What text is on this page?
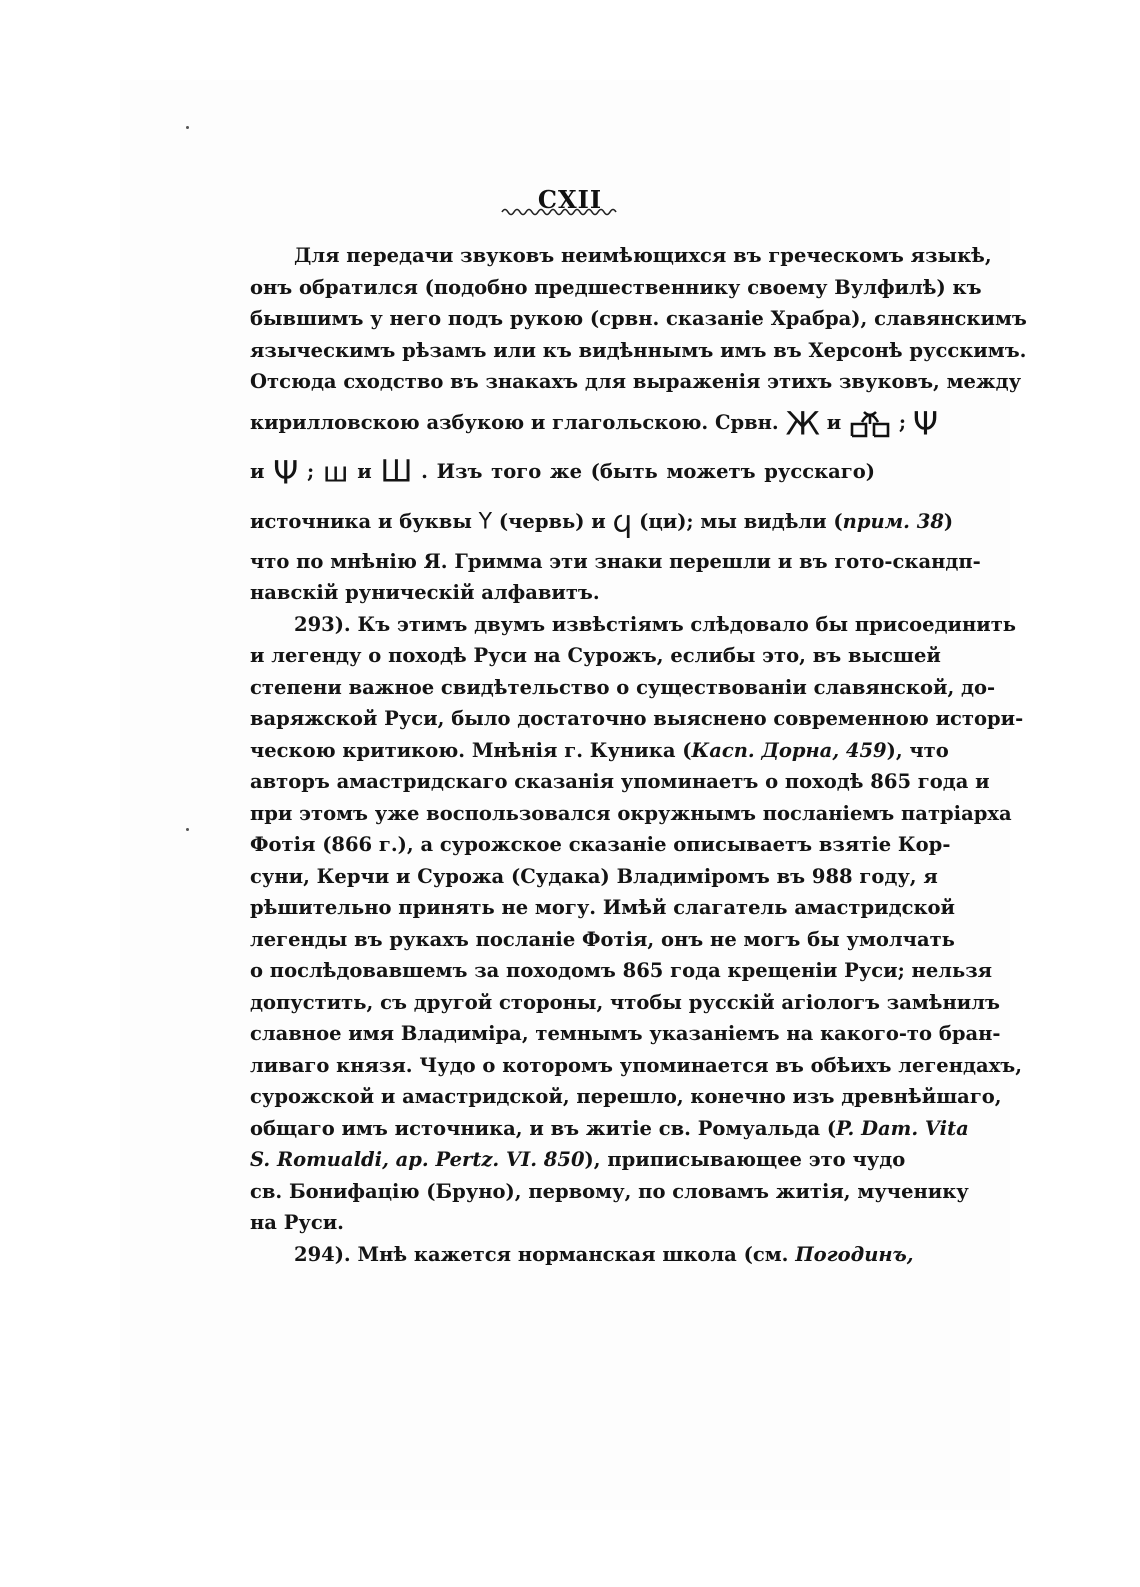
CXII
Для передачи звуковъ неимѣющихся въ греческомъ языкѣ,
онъ обратился (подобно предшественнику своему Вулфилѣ) къ
бывшимъ у него подъ рукою (срвн. сказаніе Храбра), славянскимъ
языческимъ рѣзамъ или къ видѣннымъ имъ въ Херсонѣ русскимъ.
Отсюда сходство въ знакахъ для выраженія этихъ звуковъ, между
кирилловскою азбукою и глагольскою. Срвн. Ж и	; Ψ
и Ψ ; ш и Ш . Изъ того же (быть можетъ русскаго)
источника и буквы Y (червь) и ϥ (ци); мы видѣли (прим. 38)
что по мнѣнію Я. Гримма эти знаки перешли и въ гото-скандп-
навскій руническій алфавитъ.
293). Къ этимъ двумъ извѣстіямъ слѣдовало бы присоединить
и легенду о походѣ Руси на Сурожъ, еслибы это, въ высшей
степени важное свидѣтельство о существованіи славянской, до-
варяжской Руси, было достаточно выяснено современною истори-
ческою критикою. Мнѣнія г. Куника (Касп. Дорна, 459), что
авторъ амастридскаго сказанія упоминаетъ о походѣ 865 года и
при этомъ уже воспользовался окружнымъ посланіемъ патріарха
Фотія (866 г.), а сурожское сказаніе описываетъ взятіе Кор-
суни, Керчи и Сурожа (Судака) Владиміромъ въ 988 году, я
рѣшительно принять не могу. Имѣй слагатель амастридской
легенды въ рукахъ посланіе Фотія, онъ не могъ бы умолчать
о послѣдовавшемъ за походомъ 865 года крещеніи Руси; нельзя
допустить, съ другой стороны, чтобы русскій агіологъ замѣнилъ
славное имя Владиміра, темнымъ указаніемъ на какого-то бран-
ливаго князя. Чудо о которомъ упоминается въ обѣихъ легендахъ,
сурожской и амастридской, перешло, конечно изъ древнѣйшаго,
общаго имъ источника, и въ житіе св. Ромуальда (P. Dam. Vita
S. Romualdi, ap. Pertz. VI. 850), приписывающее это чудо
св. Бонифацію (Бруно), первому, по словамъ житія, мученику
на Руси.
294). Мнѣ кажется норманская школа (см. Погодинъ,
